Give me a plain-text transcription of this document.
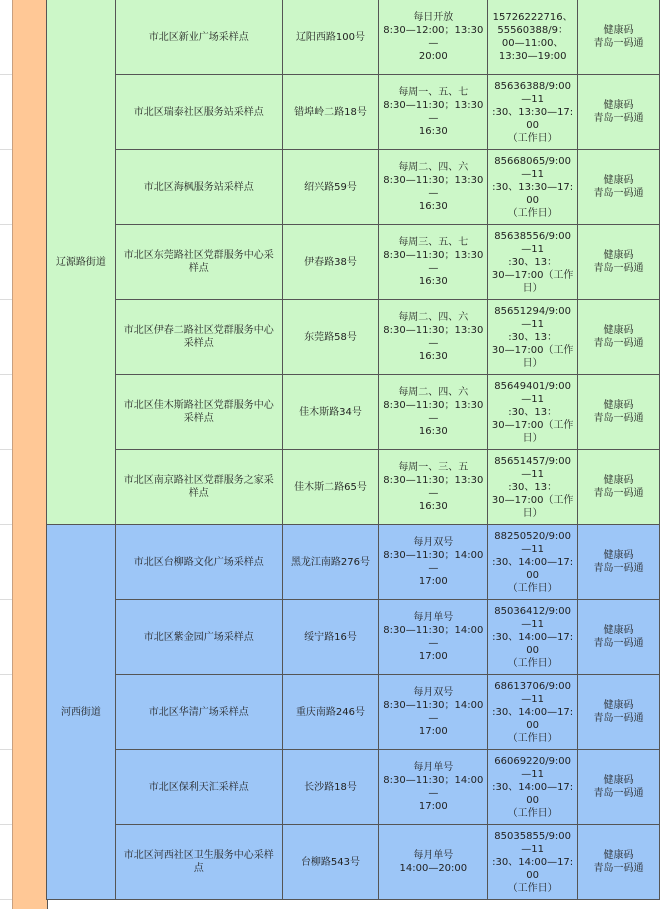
辽源路街道	市北区新业广场采样点	辽阳西路100号	每日开放
8:30—12:00；13:30—
20:00	15726222716、
55560388/9：
00—11:00、
13:30—19:00	健康码
青岛一码通

	市北区瑞泰社区服务站采样点	错埠岭二路18号	每周一、五、七
8:30—11:30；13:30—
16:30	85636388/9:00—11
:30、13:30—17:00
（工作日）	健康码
青岛一码通

	市北区海枫服务站采样点	绍兴路59号	每周二、四、六
8:30—11:30；13:30—
16:30	85668065/9:00—11
:30、13:30—17:00
（工作日）	健康码
青岛一码通

	市北区东莞路社区党群服务中心采样点	伊春路38号	每周三、五、七
8:30—11:30；13:30—
16:30	85638556/9:00—11
:30、13：
30—17:00（工作
日）	健康码
青岛一码通

	市北区伊春二路社区党群服务中心采样点	东莞路58号	每周二、四、六
8:30—11:30；13:30—
16:30	85651294/9:00—11
:30、13：
30—17:00（工作
日）	健康码
青岛一码通

	市北区佳木斯路社区党群服务中心采样点	佳木斯路34号	每周二、四、六
8:30—11:30；13:30—
16:30	85649401/9:00—11
:30、13：
30—17:00（工作
日）	健康码
青岛一码通

	市北区南京路社区党群服务之家采样点	佳木斯二路65号	每周一、三、五
8:30—11:30；13:30—
16:30	85651457/9:00—11
:30、13：
30—17:00（工作
日）	健康码
青岛一码通

河西街道	市北区台柳路文化广场采样点	黑龙江南路276号	每月双号
8:30—11:30；14:00—
17:00	88250520/9:00—11
:30、14:00—17:00
（工作日）	健康码
青岛一码通

	市北区紫金园广场采样点	绥宁路16号	每月单号
8:30—11:30；14:00—
17:00	85036412/9:00—11
:30、14:00—17:00
（工作日）	健康码
青岛一码通

	市北区华清广场采样点	重庆南路246号	每月双号
8:30—11:30；14:00—
17:00	68613706/9:00—11
:30、14:00—17:00
（工作日）	健康码
青岛一码通

	市北区保利天汇采样点	长沙路18号	每月单号
8:30—11:30；14:00—
17:00	66069220/9:00—11
:30、14:00—17:00
（工作日）	健康码
青岛一码通

	市北区河西社区卫生服务中心采样点	台柳路543号	每月单号
14:00—20:00	85035855/9:00—11
:30、14:00—17:00
（工作日）	健康码
青岛一码通
